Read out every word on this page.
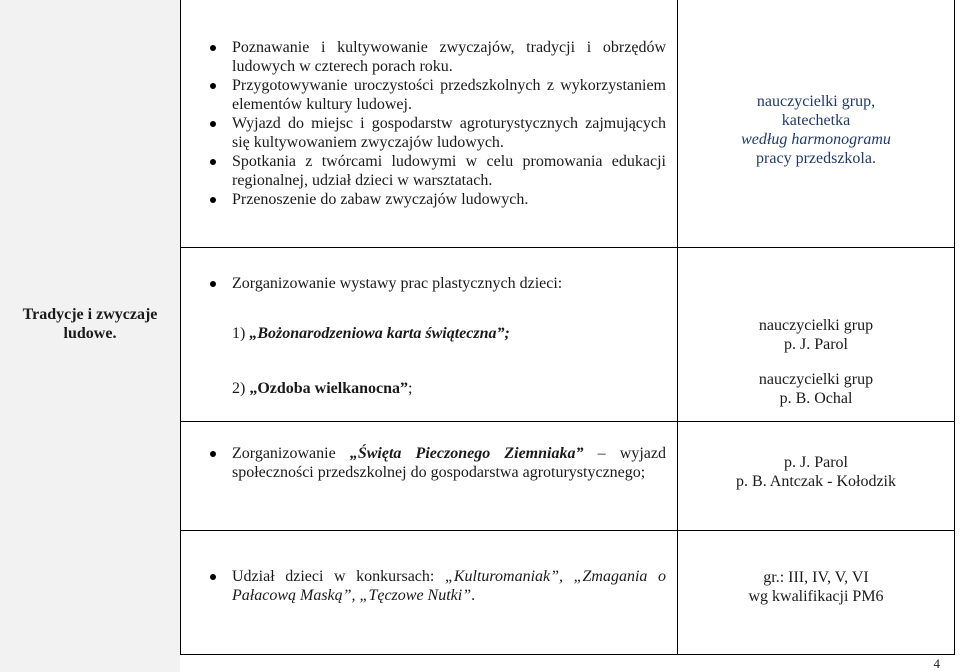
Poznawanie i kultywowanie zwyczajów, tradycji i obrzędów ludowych w czterech porach roku.
Przygotowywanie uroczystości przedszkolnych z wykorzystaniem elementów kultury ludowej.
Wyjazd do miejsc i gospodarstw agroturystycznych zajmujących się kultywowaniem zwyczajów ludowych.
Spotkania z twórcami ludowymi w celu promowania edukacji regionalnej, udział dzieci w warsztatach.
Przenoszenie do zabaw zwyczajów ludowych.
nauczycielki grup,
katechetka
według harmonogramu
pracy przedszkola.
Tradycje i zwyczaje
ludowe.
Zorganizowanie wystawy prac plastycznych dzieci:
1) „Bożonarodzeniowa karta świąteczna”;
2) „Ozdoba wielkanocna”;
nauczycielki grup
p. J. Parol
nauczycielki grup
p. B. Ochal
Zorganizowanie „Święta Pieczonego Ziemniaka” – wyjazd społeczności przedszkolnej do gospodarstwa agroturystycznego;
p. J. Parol
p. B. Antczak - Kołodzik
Udział dzieci w konkursach: „Kulturomaniak”, „Zmagania o Pałacową Maską”, „Tęczowe Nutki”.
gr.: III, IV, V, VI
wg kwalifikacji PM6
4
